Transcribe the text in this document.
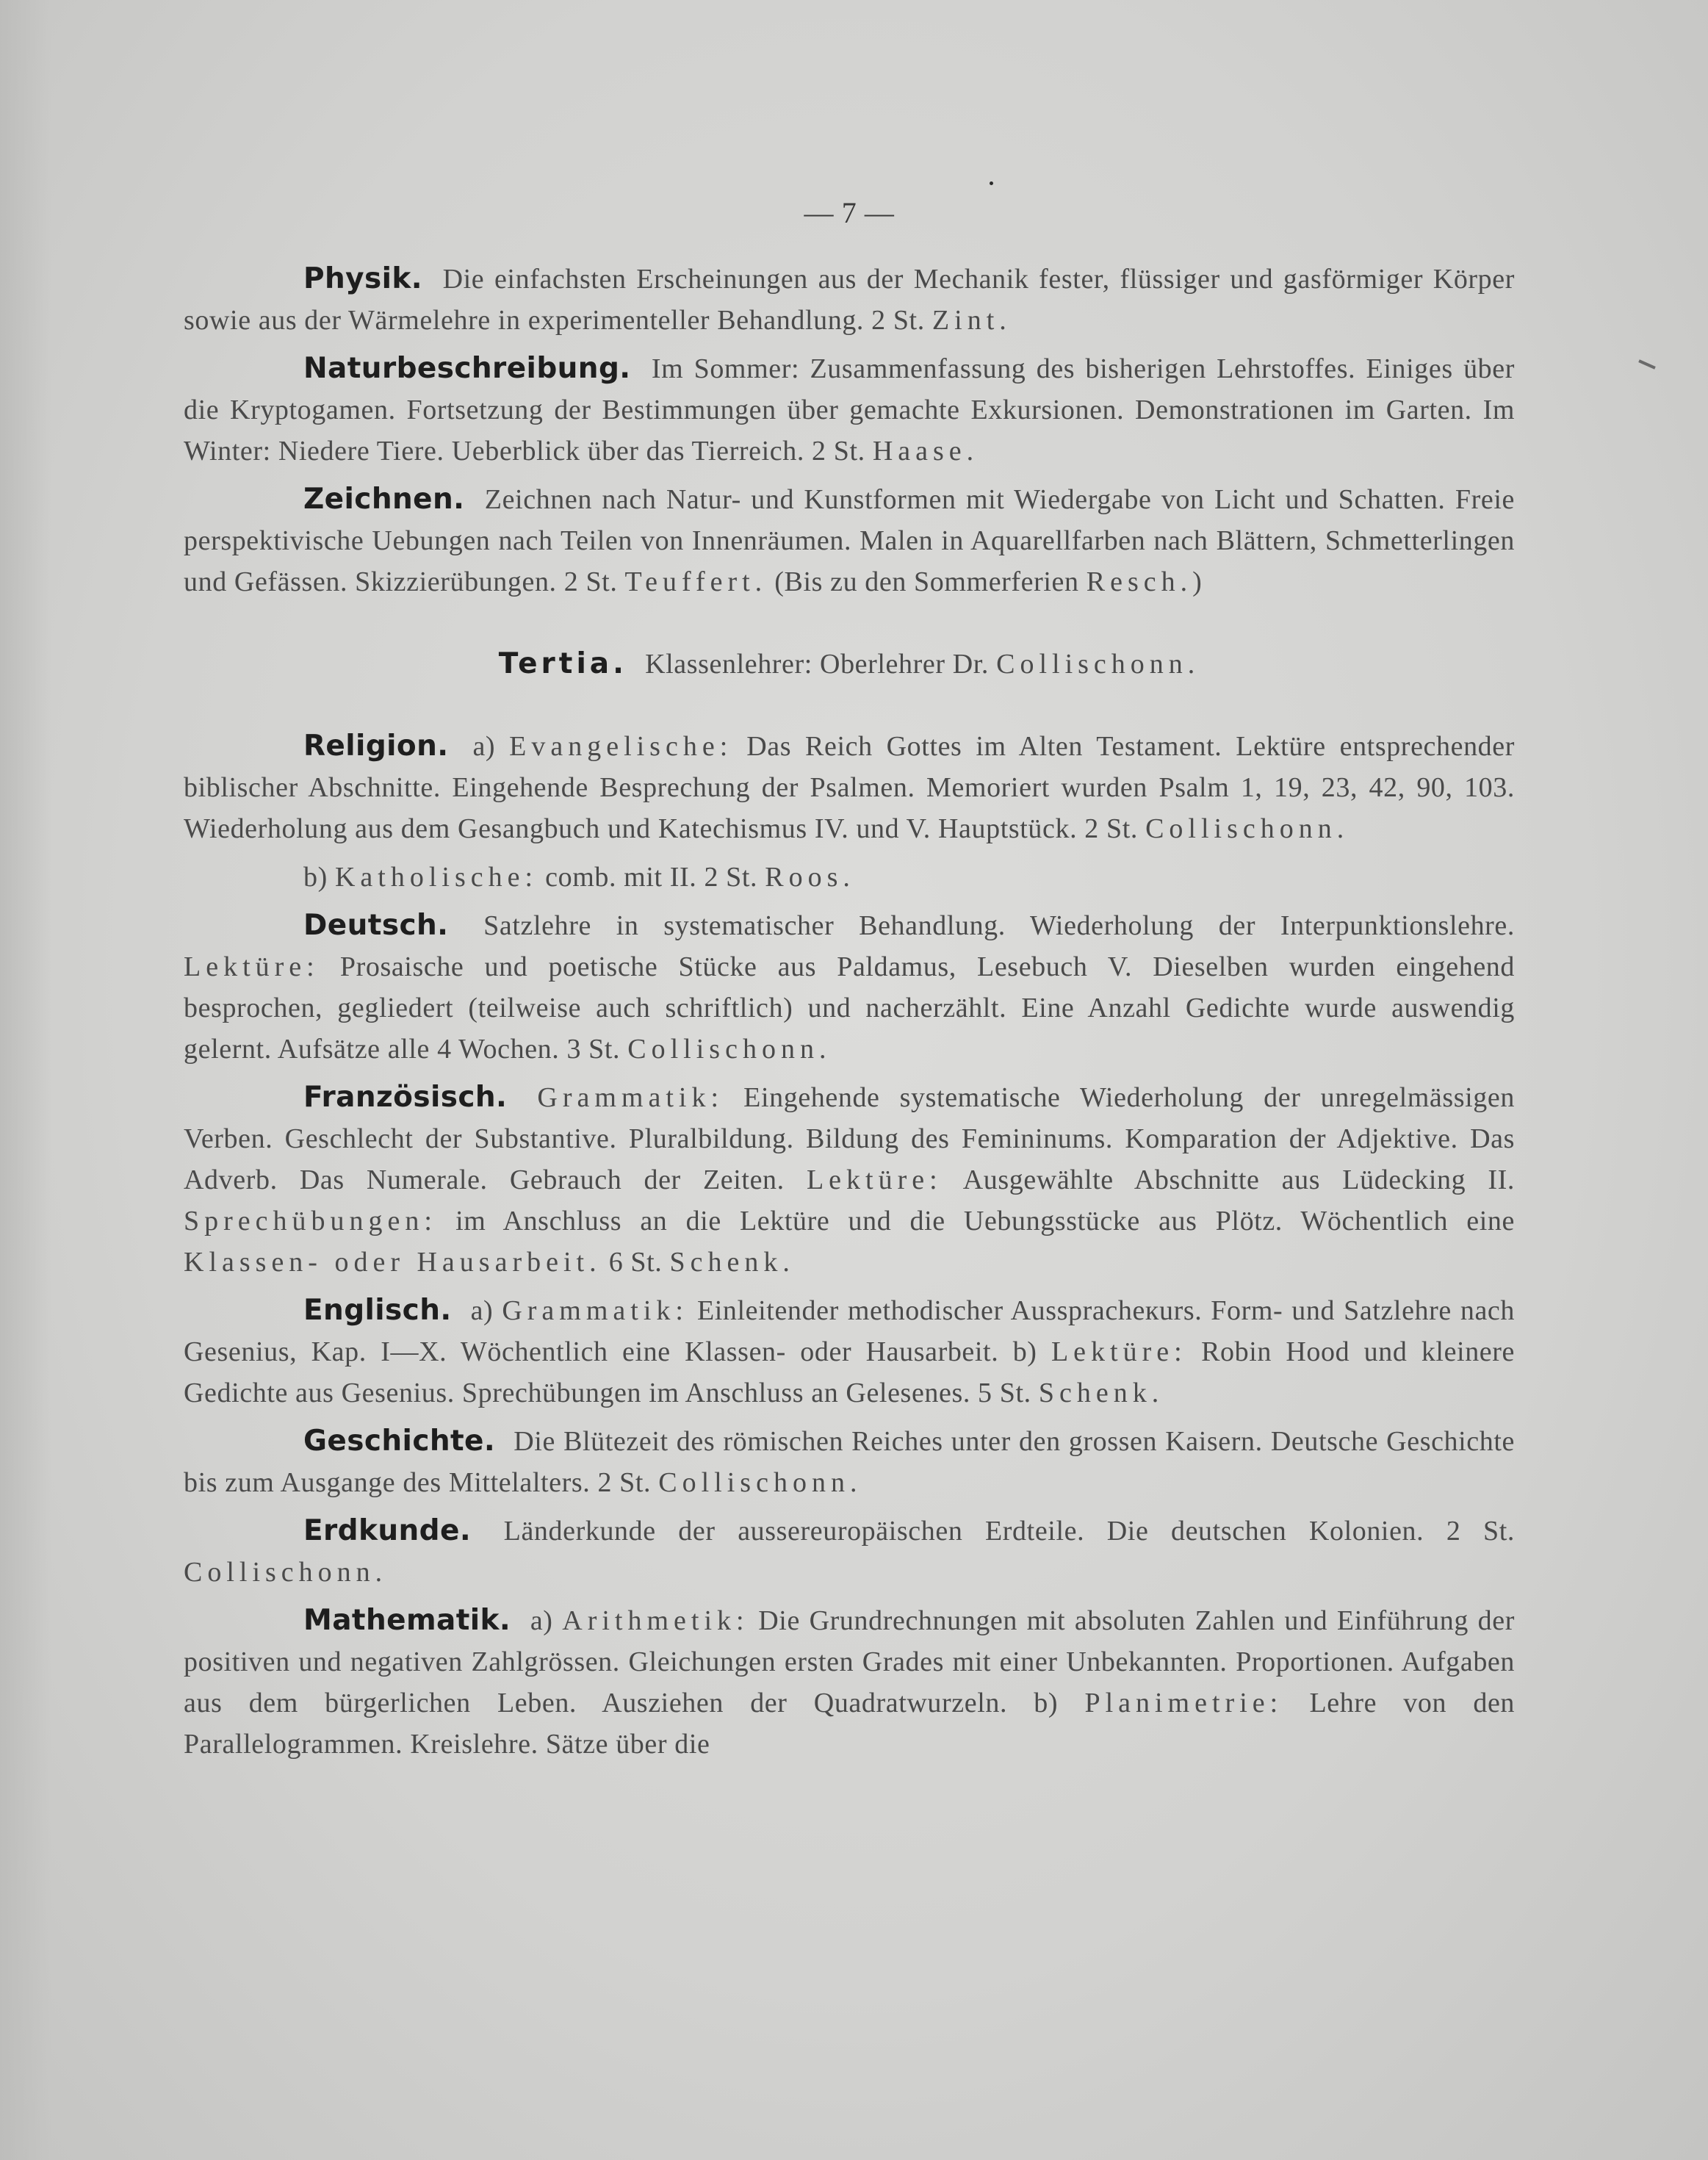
— 7 —

Physik. Die einfachsten Erscheinungen aus der Mechanik fester, flüssiger und gasförmiger Körper sowie aus der Wärmelehre in experimenteller Behandlung. 2 St. Zint.

Naturbeschreibung. Im Sommer: Zusammenfassung des bisherigen Lehrstoffes. Einiges über die Kryptogamen. Fortsetzung der Bestimmungen über gemachte Exkursionen. Demonstrationen im Garten. Im Winter: Niedere Tiere. Ueberblick über das Tierreich. 2 St. Haase.

Zeichnen. Zeichnen nach Natur- und Kunstformen mit Wiedergabe von Licht und Schatten. Freie perspektivische Uebungen nach Teilen von Innenräumen. Malen in Aquarellfarben nach Blättern, Schmetterlingen und Gefässen. Skizzierübungen. 2 St. Teuffert. (Bis zu den Sommerferien Resch.)

Tertia. Klassenlehrer: Oberlehrer Dr. Collischonn.

Religion. a) Evangelische: Das Reich Gottes im Alten Testament. Lektüre entsprechender biblischer Abschnitte. Eingehende Besprechung der Psalmen. Memoriert wurden Psalm 1, 19, 23, 42, 90, 103. Wiederholung aus dem Gesangbuch und Katechismus IV. und V. Hauptstück. 2 St. Collischonn.

b) Katholische: comb. mit II. 2 St. Roos.

Deutsch. Satzlehre in systematischer Behandlung. Wiederholung der Interpunktionslehre. Lektüre: Prosaische und poetische Stücke aus Paldamus, Lesebuch V. Dieselben wurden eingehend besprochen, gegliedert (teilweise auch schriftlich) und nacherzählt. Eine Anzahl Gedichte wurde auswendig gelernt. Aufsätze alle 4 Wochen. 3 St. Collischonn.

Französisch. Grammatik: Eingehende systematische Wiederholung der unregelmässigen Verben. Geschlecht der Substantive. Pluralbildung. Bildung des Femininums. Komparation der Adjektive. Das Adverb. Das Numerale. Gebrauch der Zeiten. Lektüre: Ausgewählte Abschnitte aus Lüdecking II. Sprechübungen: im Anschluss an die Lektüre und die Uebungsstücke aus Plötz. Wöchentlich eine Klassen- oder Hausarbeit. 6 St. Schenk.

Englisch. a) Grammatik: Einleitender methodischer Ausspracheкurs. Form- und Satzlehre nach Gesenius, Kap. I—X. Wöchentlich eine Klassen- oder Hausarbeit. b) Lektüre: Robin Hood und kleinere Gedichte aus Gesenius. Sprechübungen im Anschluss an Gelesenes. 5 St. Schenk.

Geschichte. Die Blütezeit des römischen Reiches unter den grossen Kaisern. Deutsche Geschichte bis zum Ausgange des Mittelalters. 2 St. Collischonn.

Erdkunde. Länderkunde der aussereuropäischen Erdteile. Die deutschen Kolonien. 2 St. Collischonn.

Mathematik. a) Arithmetik: Die Grundrechnungen mit absoluten Zahlen und Einführung der positiven und negativen Zahlgrössen. Gleichungen ersten Grades mit einer Unbekannten. Proportionen. Aufgaben aus dem bürgerlichen Leben. Ausziehen der Quadratwurzeln. b) Planimetrie: Lehre von den Parallelogrammen. Kreislehre. Sätze über die
